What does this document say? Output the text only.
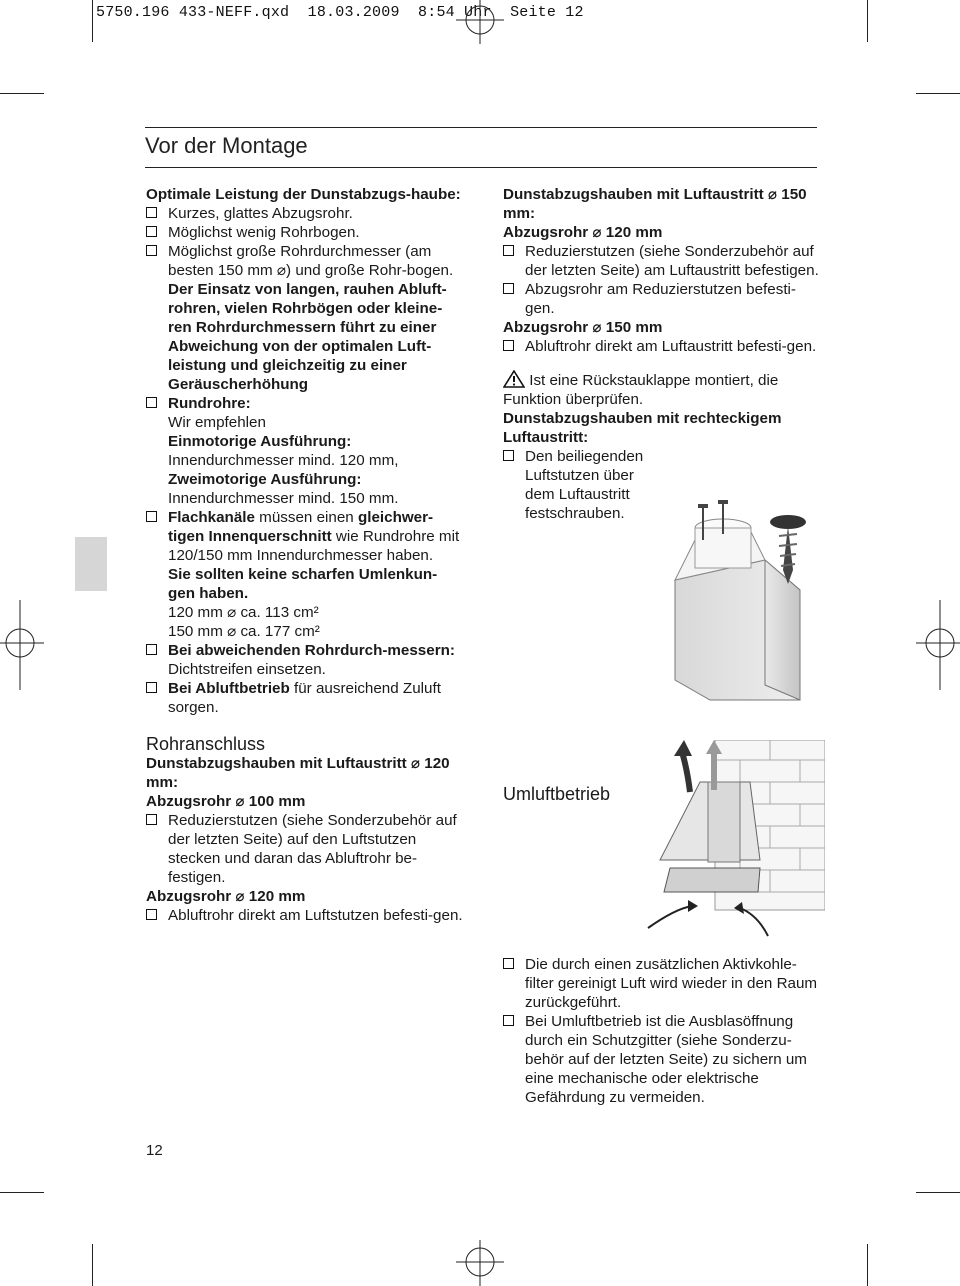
5750.196 433-NEFF.qxd  18.03.2009  8:54 Uhr  Seite 12
Vor der Montage

Optimale Leistung der Dunstabzugs-haube:

Kurzes, glattes Abzugsrohr.

Möglichst wenig Rohrbogen.

Möglichst große Rohrdurchmesser (am besten 150 mm ⌀) und große Rohr-bogen.

Der Einsatz von langen, rauhen Abluft-rohren, vielen Rohrbögen oder kleine-ren Rohrdurchmessern führt zu einer Abweichung von der optimalen Luft-leistung und gleichzeitig zu einer Geräuscherhöhung

Rundrohre:

Wir empfehlen

Einmotorige Ausführung:

Innendurchmesser mind. 120 mm,

Zweimotorige Ausführung:

Innendurchmesser mind. 150 mm.

Flachkanäle müssen einen gleichwer-tigen Innenquerschnitt wie Rundrohre mit 120/150 mm Innendurchmesser haben.

Sie sollten keine scharfen Umlenkun-gen haben.

120 mm ⌀ ca. 113 cm²

150 mm ⌀ ca. 177 cm²

Bei abweichenden Rohrdurch-messern: Dichtstreifen einsetzen.

Bei Abluftbetrieb für ausreichend Zuluft sorgen.

Rohranschluss

Dunstabzugshauben mit Luftaustritt ⌀ 120 mm:

Abzugsrohr ⌀ 100 mm

Reduzierstutzen (siehe Sonderzubehör auf der letzten Seite) auf den Luftstutzen stecken und daran das Abluftrohr be-festigen.

Abzugsrohr ⌀ 120 mm

Abluftrohr direkt am Luftstutzen befesti-gen.

Dunstabzugshauben mit Luftaustritt ⌀ 150 mm:

Abzugsrohr ⌀ 120 mm

Reduzierstutzen (siehe Sonderzubehör auf der letzten Seite) am Luftaustritt befestigen.

Abzugsrohr am Reduzierstutzen befesti-gen.

Abzugsrohr ⌀ 150 mm

Abluftrohr direkt am Luftaustritt befesti-gen.

Ist eine Rückstauklappe montiert, die Funktion überprüfen.

Dunstabzugshauben mit rechteckigem Luftaustritt:

Den beiliegenden Luftstutzen über dem Luftaustritt festschrauben.

Umluftbetrieb

Die durch einen zusätzlichen Aktivkohle-filter gereinigt Luft wird wieder in den Raum zurückgeführt.

Bei Umluftbetrieb ist die Ausblasöffnung durch ein Schutzgitter (siehe Sonderzu-behör auf der letzten Seite) zu sichern um eine mechanische oder elektrische Gefährdung zu vermeiden.

12
